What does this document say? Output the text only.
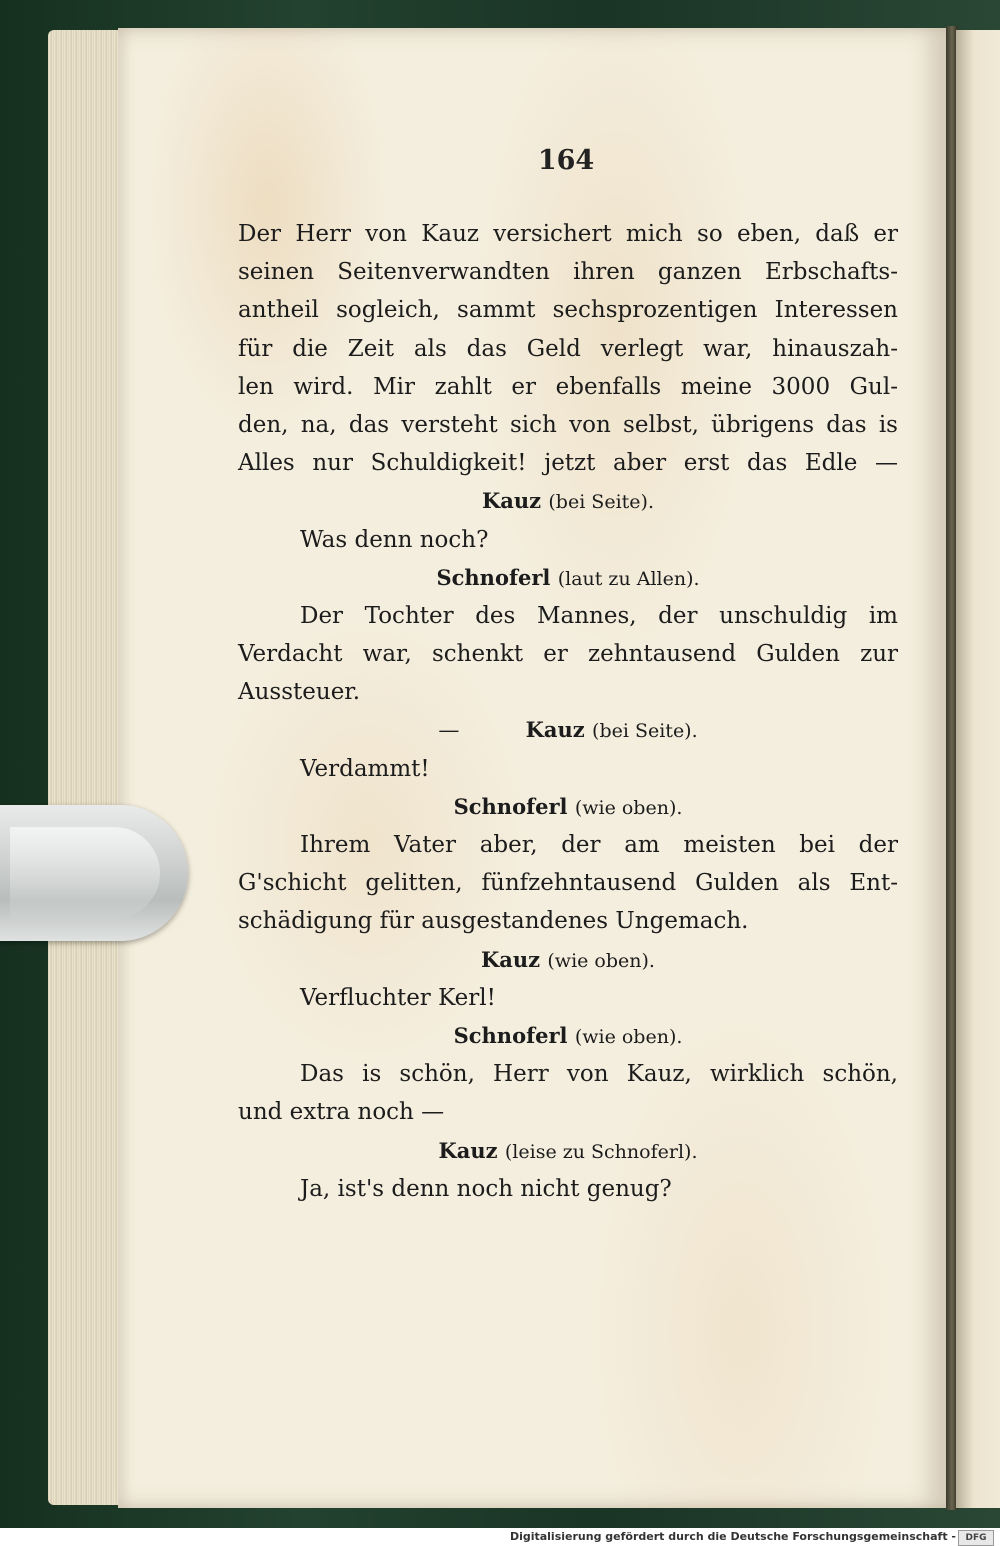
164
Der Herr von Kauz versichert mich so eben, daß er
seinen Seitenverwandten ihren ganzen Erbschafts-
antheil sogleich, sammt sechsprozentigen Interessen
für die Zeit als das Geld verlegt war, hinauszah-
len wird. Mir zahlt er ebenfalls meine 3000 Gul-
den, na, das versteht sich von selbst, übrigens das is
Alles nur Schuldigkeit! jetzt aber erst das Edle —
Kauz (bei Seite).
Was denn noch?
Schnoferl (laut zu Allen).
Der Tochter des Mannes, der unschuldig im
Verdacht war, schenkt er zehntausend Gulden zur
Aussteuer.
—	Kauz (bei Seite).
Verdammt!
Schnoferl (wie oben).
Ihrem Vater aber, der am meisten bei der
G'schicht gelitten, fünfzehntausend Gulden als Ent-
schädigung für ausgestandenes Ungemach.
Kauz (wie oben).
Verfluchter Kerl!
Schnoferl (wie oben).
Das is schön, Herr von Kauz, wirklich schön,
und extra noch —
Kauz (leise zu Schnoferl).
Ja, ist's denn noch nicht genug?
Digitalisierung gefördert durch die Deutsche Forschungsgemeinschaft -	DFG
